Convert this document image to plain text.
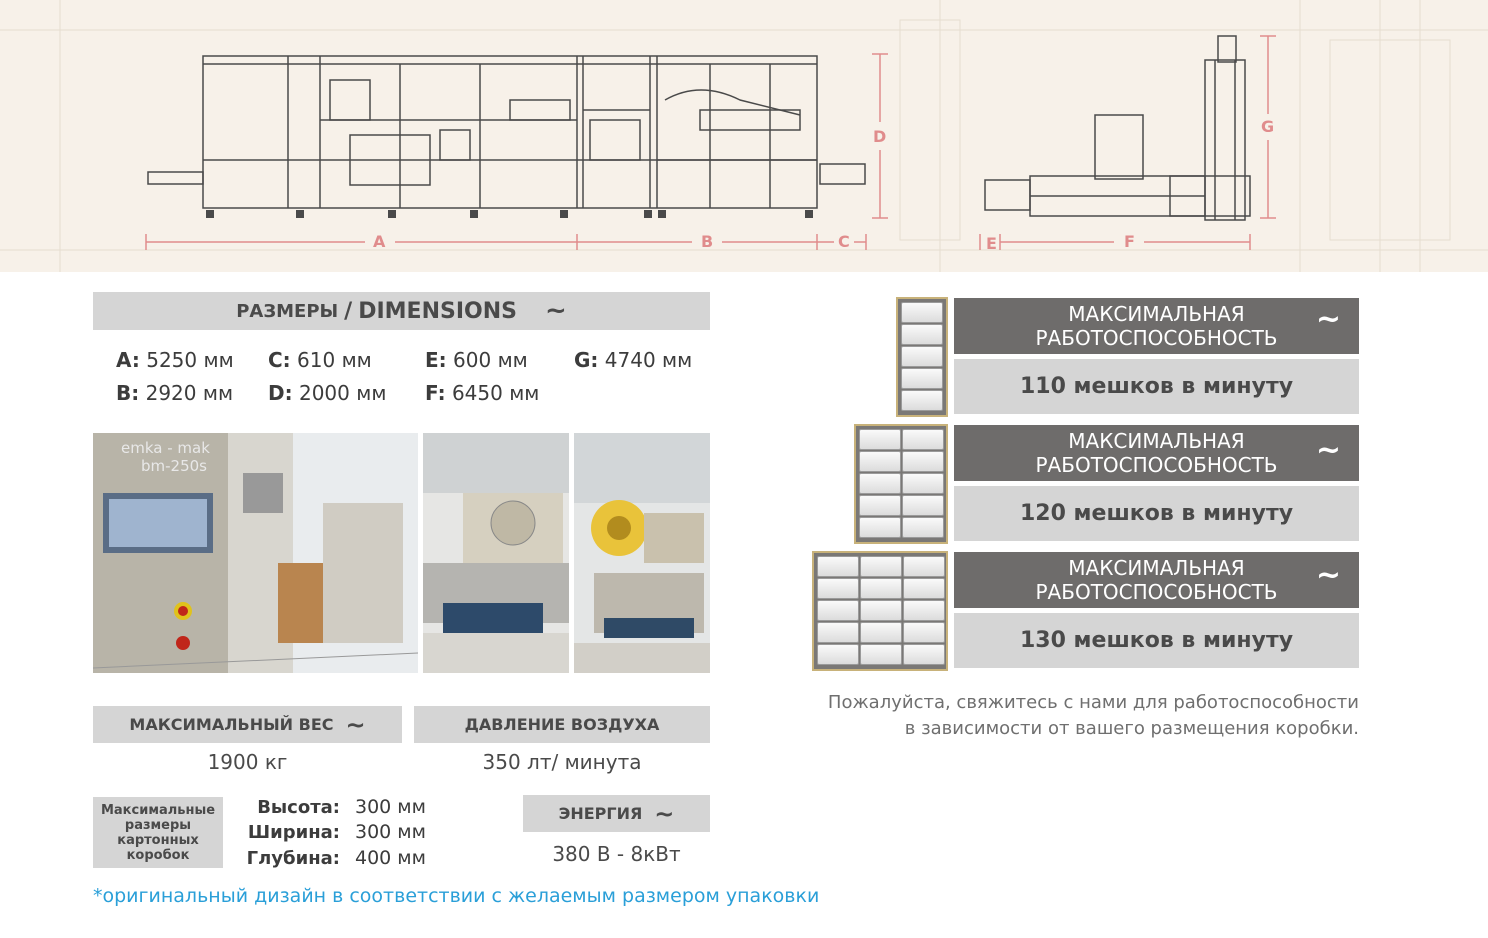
A	B	C
D
E	F
G
РАЗМЕРЫ / DIMENSIONS ~
A: 5250 мм C: 610 мм	E: 600 мм G: 4740 мм
B: 2920 мм D: 2000 мм F: 6450 мм
emka - mak
bm-250s
МАКСИМАЛЬНЫЙ ВЕС ~
1900 кг
ДАВЛЕНИЕ ВОЗДУХА
350 лт/ минута
Максимальные размеры картонных коробок
Высота: 300 мм
Ширина: 300 мм
Глубина: 400 мм
ЭНЕРГИЯ ~
380 В - 8кВт
*оригинальный дизайн в соответствии с желаемым размером упаковки
МАКСИМАЛЬНАЯ
РАБОТОСПОСОБНОСТЬ
~
110 мешков в минуту
МАКСИМАЛЬНАЯ
РАБОТОСПОСОБНОСТЬ ~
120 мешков в минуту
МАКСИМАЛЬНАЯ
РАБОТОСПОСОБНОСТЬ ~
130 мешков в минуту
Пожалуйста, свяжитесь с нами для работоспособности
в зависимости от вашего размещения коробки.
